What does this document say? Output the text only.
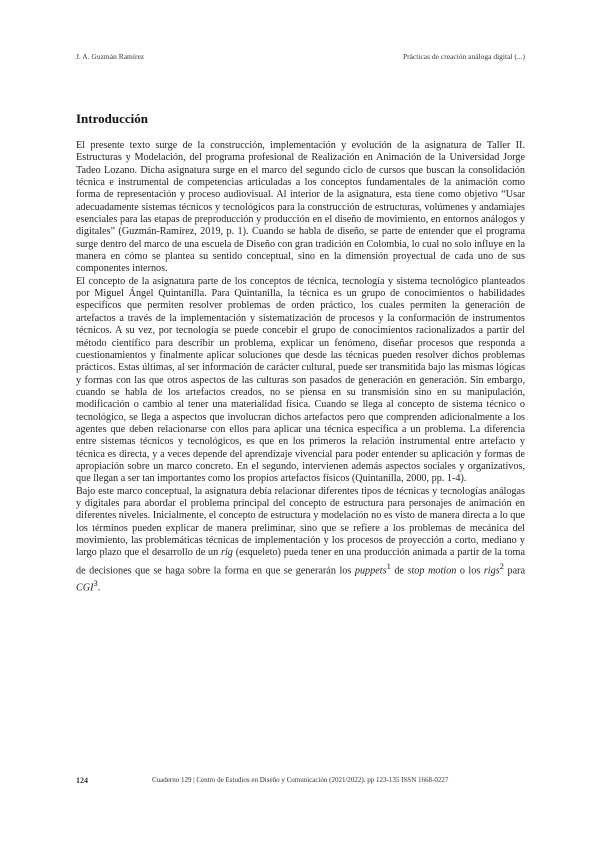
J. A. Guzmán Ramírez	Prácticas de creación análoga digital (...)
Introducción

El presente texto surge de la construcción, implementación y evolución de la asignatura de Taller II. Estructuras y Modelación, del programa profesional de Realización en Animación de la Universidad Jorge Tadeo Lozano. Dicha asignatura surge en el marco del segundo ciclo de cursos que buscan la consolidación técnica e instrumental de competencias articuladas a los conceptos fundamentales de la animación como forma de representación y proceso audiovisual. Al interior de la asignatura, esta tiene como objetivo “Usar adecuadamente sistemas técnicos y tecnológicos para la construcción de estructuras, volúmenes y andamiajes esenciales para las etapas de preproducción y producción en el diseño de movimiento, en entornos análogos y digitales” (Guzmán-Ramírez, 2019, p. 1). Cuando se habla de diseño, se parte de entender que el programa surge dentro del marco de una escuela de Diseño con gran tradición en Colombia, lo cual no solo influye en la manera en cómo se planteа su sentido conceptual, sino en la dimensión proyectual de cada uno de sus componentes internos.

El concepto de la asignatura parte de los conceptos de técnica, tecnología y sistema tecnológico planteados por Miguel Ángel Quintanilla. Para Quintanilla, la técnica es un grupo de conocimientos o habilidades específicos que permiten resolver problemas de orden práctico, los cuales permiten la generación de artefactos a través de la implementación y sistematización de procesos y la conformación de instrumentos técnicos. A su vez, por tecnología se puede concebir el grupo de conocimientos racionalizados a partir del método científico para describir un problema, explicar un fenómeno, diseñar procesos que responda a cuestionamientos y finalmente aplicar soluciones que desde las técnicas pueden resolver dichos problemas prácticos. Estas últimas, al ser información de carácter cultural, puede ser transmitida bajo las mismas lógicas y formas con las que otros aspectos de las culturas son pasados de generación en generación. Sin embargo, cuando se habla de los artefactos creados, no se piensa en su transmisión sino en su manipulación, modificación o cambio al tener una materialidad física. Cuando se llega al concepto de sistema técnico o tecnológico, se llega a aspectos que involucran dichos artefactos pero que comprenden adicionalmente a los agentes que deben relacionarse con ellos para aplicar una técnica específica a un problema. La diferencia entre sistemas técnicos y tecnológicos, es que en los primeros la relación instrumental entre artefacto y técnica es directa, y a veces depende del aprendizaje vivencial para poder entender su aplicación y formas de apropiación sobre un marco concreto. En el segundo, intervienen además aspectos sociales y organizativos, que llegan a ser tan importantes como los propios artefactos físicos (Quintanilla, 2000, pp. 1-4).

Bajo este marco conceptual, la asignatura debía relacionar diferentes tipos de técnicas y tecnologías análogas y digitales para abordar el problema principal del concepto de estructura para personajes de animación en diferentes niveles. Inicialmente, el concepto de estructura y modelación no es visto de manera directa a lo que los términos pueden explicar de manera preliminar, sino que se refiere a los problemas de mecánica del movimiento, las problemáticas técnicas de implementación y los procesos de proyección a corto, mediano y largo plazo que el desarrollo de un rig (esqueleto) pueda tener en una producción animada a partir de la toma de decisiones que se haga sobre la forma en que se generarán los puppets$^1$ de stop motion o los rigs$^2$ para CGI$^3$.

124	Cuaderno 129 | Centro de Estudios en Diseño y Comunicación (2021/2022). pp 123-135 ISSN 1668-0227
